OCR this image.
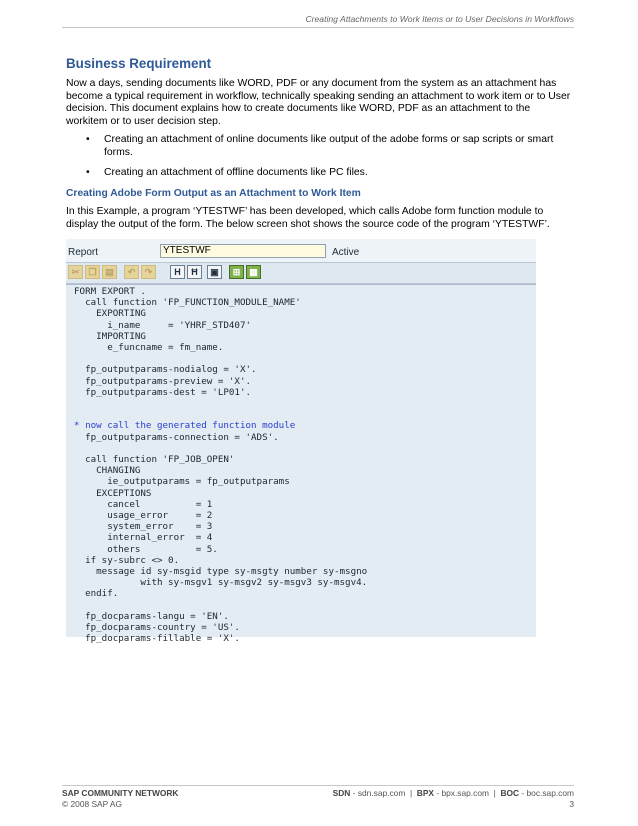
Creating Attachments to Work Items or to User Decisions in Workflows
Business Requirement

Now a days, sending documents like WORD, PDF or any document from the system as an attachment has become a typical requirement in workflow, technically speaking sending an attachment to work item or to User decision. This document explains how to create documents like WORD, PDF as an attachment to the workitem or to user decision step.

• Creating an attachment of online documents like output of the adobe forms or sap scripts or smart forms.
• Creating an attachment of offline documents like PC files.
Creating Adobe Form Output as an Attachment to Work Item

In this Example, a program ‘YTESTWF’ has been developed, which calls Adobe form function module to display the output of the form. The below screen shot shows the source code of the program ‘YTESTWF’.

Report	YTESTWF	Active
✂	❐ ▤	↶	↷	H	Ħ	▣	⊞ ▦
FORM EXPORT .
call function 'FP_FUNCTION_MODULE_NAME'
EXPORTING
i_name     = 'YHRF_STD407'
IMPORTING
e_funcname = fm_name.

fp_outputparams-nodialog = 'X'.
fp_outputparams-preview = 'X'.
fp_outputparams-dest = 'LP01'.

* now call the generated function module
fp_outputparams-connection = 'ADS'.

call function 'FP_JOB_OPEN'
CHANGING
ie_outputparams = fp_outputparams
EXCEPTIONS
cancel          = 1
usage_error     = 2
system_error    = 3
internal_error  = 4
others          = 5.
if sy-subrc <> 0.
message id sy-msgid type sy-msgty number sy-msgno
with sy-msgv1 sy-msgv2 sy-msgv3 sy-msgv4.
endif.

fp_docparams-langu = 'EN'.
fp_docparams-country = 'US'.
fp_docparams-fillable = 'X'.

SAP COMMUNITY NETWORK	SDN - sdn.sap.com  |  BPX - bpx.sap.com  |  BOC - boc.sap.com
© 2008 SAP AG	3
